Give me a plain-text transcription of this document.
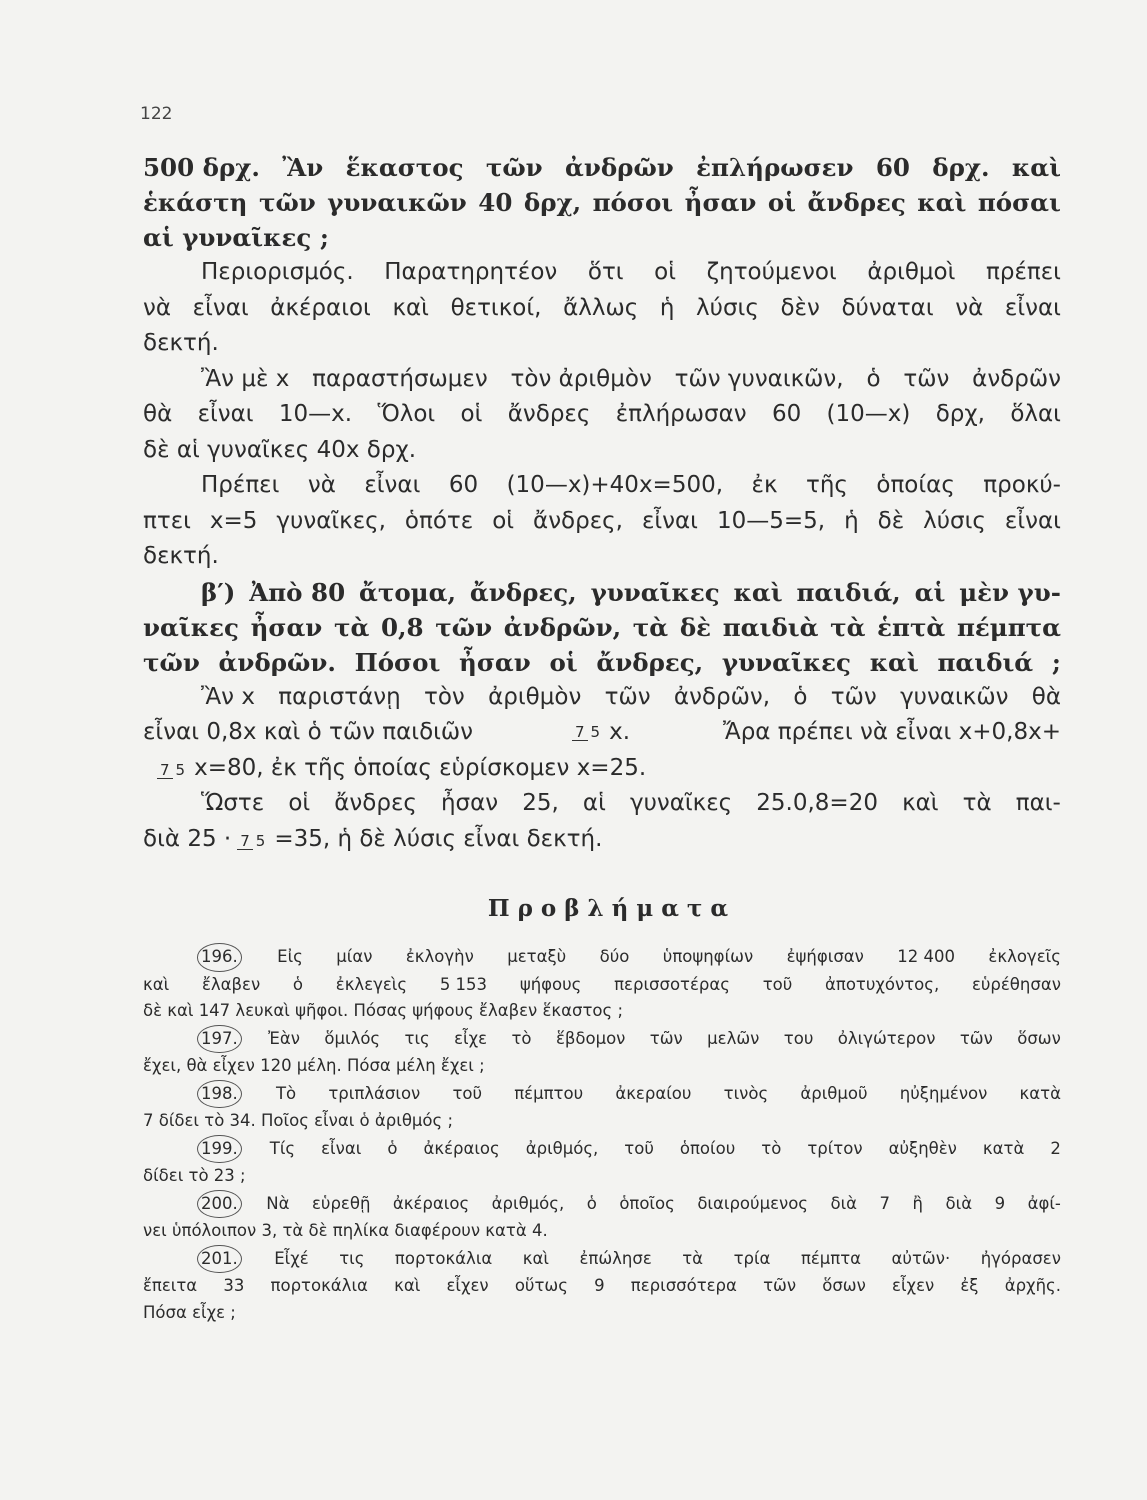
122
500 δρχ. Ἂν ἕκαστος τῶν ἀνδρῶν ἐπλήρωσεν 60 δρχ. καὶ
ἑκάστη τῶν γυναικῶν 40 δρχ, πόσοι ἦσαν οἱ ἄνδρες καὶ πόσαι
αἱ γυναῖκες ;
Περιορισμός. Παρατηρητέον ὅτι οἱ ζητούμενοι ἀριθμοὶ πρέπει
νὰ εἶναι ἀκέραιοι καὶ θετικοί, ἄλλως ἡ λύσις δὲν δύναται νὰ εἶναι
δεκτή.
Ἂν μὲ x παραστήσωμεν τὸν ἀριθμὸν τῶν γυναικῶν, ὁ τῶν ἀνδρῶν
θὰ εἶναι 10—x. Ὅλοι οἱ ἄνδρες ἐπλήρωσαν 60 (10—x) δρχ, ὅλαι
δὲ αἱ γυναῖκες 40x δρχ.
Πρέπει νὰ εἶναι 60 (10—x)+40x=500, ἐκ τῆς ὁποίας προκύ-
πτει x=5 γυναῖκες, ὁπότε οἱ ἄνδρες, εἶναι 10—5=5, ἡ δὲ λύσις εἶναι
δεκτή.
β′) Ἀπὸ 80 ἄτομα, ἄνδρες, γυναῖκες καὶ παιδιά, αἱ μὲν γυ-
ναῖκες ἦσαν τὰ 0,8 τῶν ἀνδρῶν, τὰ δὲ παιδιὰ τὰ ἑπτὰ πέμπτα
τῶν ἀνδρῶν. Πόσοι ἦσαν οἱ ἄνδρες, γυναῖκες καὶ παιδιά ;
Ἂν x παριστάνῃ τὸν ἀριθμὸν τῶν ἀνδρῶν, ὁ τῶν γυναικῶν θὰ
εἶναι 0,8x καὶ ὁ τῶν παιδιῶν	7 5 x.	Ἄρα πρέπει νὰ εἶναι x+0,8x+
7 5 x=80, ἐκ τῆς ὁποίας εὑρίσκομεν x=25.
Ὥστε οἱ ἄνδρες ἦσαν 25, αἱ γυναῖκες 25.0,8=20 καὶ τὰ παι-
διὰ 25 · 7 5 =35, ἡ δὲ λύσις εἶναι δεκτή.
Προβλήματα
196. Εἰς μίαν ἐκλογὴν μεταξὺ δύο ὑποψηφίων ἐψήφισαν 12 400 ἐκλογεῖς
καὶ ἔλαβεν ὁ ἐκλεγεὶς 5 153 ψήφους περισσοτέρας τοῦ ἀποτυχόντος, εὑρέθησαν
δὲ καὶ 147 λευκαὶ ψῆφοι. Πόσας ψήφους ἔλαβεν ἕκαστος ;
197. Ἐὰν ὅμιλός τις εἶχε τὸ ἕβδομον τῶν μελῶν του ὀλιγώτερον τῶν ὅσων
ἔχει, θὰ εἶχεν 120 μέλη. Πόσα μέλη ἔχει ;
198. Τὸ τριπλάσιον τοῦ πέμπτου ἀκεραίου τινὸς ἀριθμοῦ ηὐξημένον κατὰ
7 δίδει τὸ 34. Ποῖος εἶναι ὁ ἀριθμός ;
199. Τίς εἶναι ὁ ἀκέραιος ἀριθμός, τοῦ ὁποίου τὸ τρίτον αὐξηθὲν κατὰ 2
δίδει τὸ 23 ;
200. Νὰ εὑρεθῇ ἀκέραιος ἀριθμός, ὁ ὁποῖος διαιρούμενος διὰ 7 ἢ διὰ 9 ἀφί-
νει ὑπόλοιπον 3, τὰ δὲ πηλίκα διαφέρουν κατὰ 4.
201. Εἶχέ τις πορτοκάλια καὶ ἐπώλησε τὰ τρία πέμπτα αὐτῶν· ἠγόρασεν
ἔπειτα 33 πορτοκάλια καὶ εἶχεν οὕτως 9 περισσότερα τῶν ὅσων εἶχεν ἐξ ἀρχῆς.
Πόσα εἶχε ;
